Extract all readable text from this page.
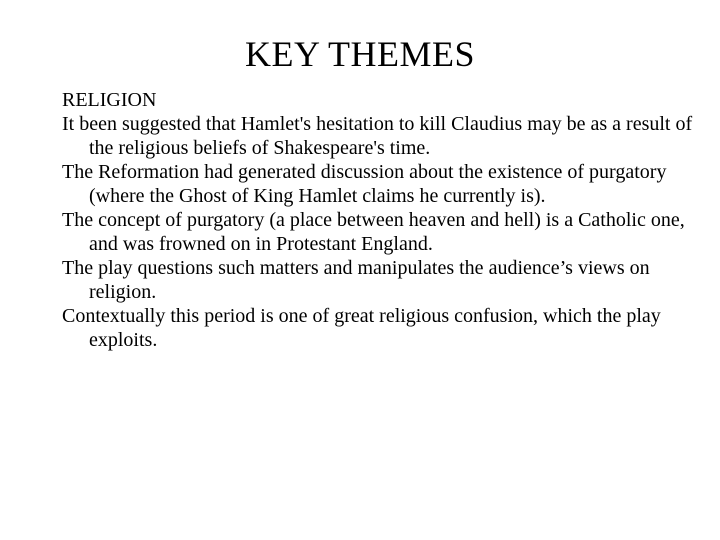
KEY THEMES

RELIGION

It been suggested that Hamlet's hesitation to kill Claudius may be as a result of the religious beliefs of Shakespeare's time.

The Reformation had generated discussion about the existence of purgatory (where the Ghost of King Hamlet claims he currently is).

The concept of purgatory (a place between heaven and hell) is a Catholic one, and was frowned on in Protestant England.

The play questions such matters and manipulates the audience’s views on religion.

Contextually this period is one of great religious confusion, which the play exploits.
